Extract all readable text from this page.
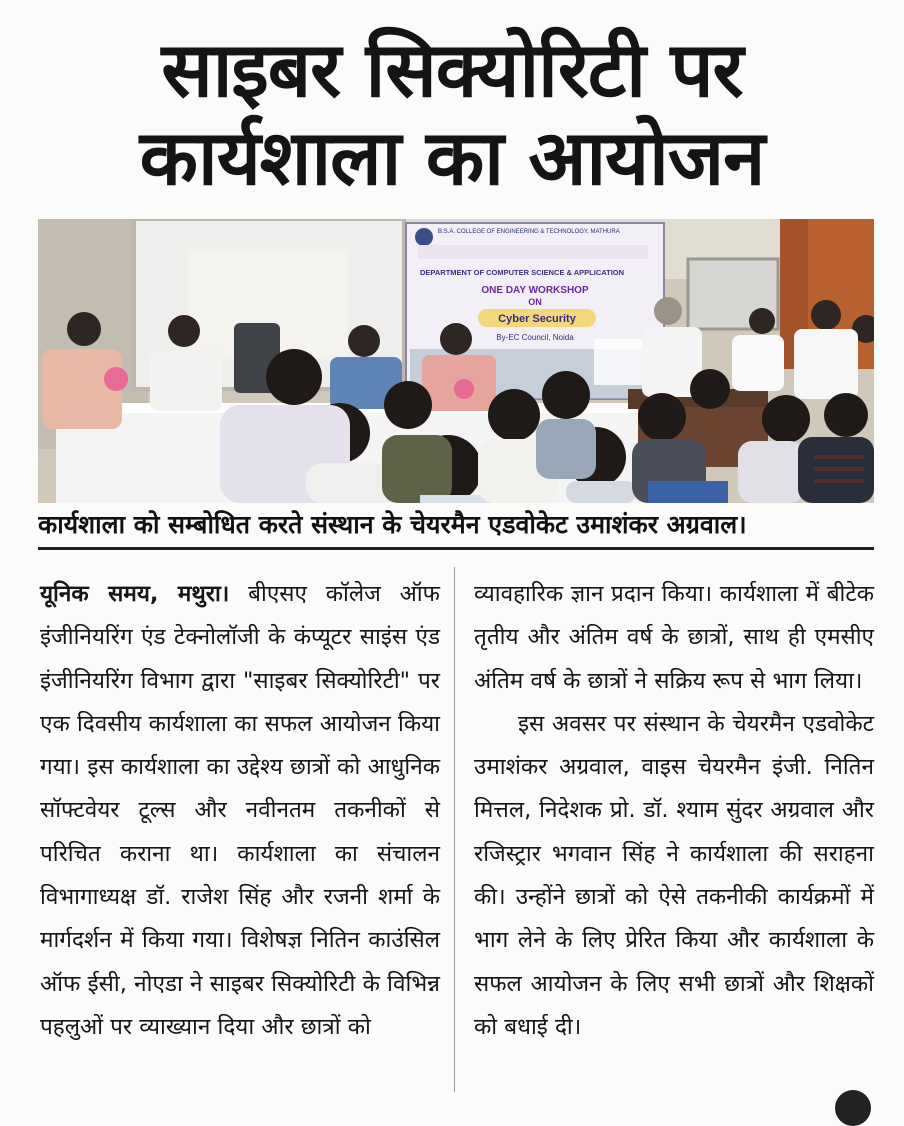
साइबर सिक्योरिटी पर
कार्यशाला का आयोजन
B.S.A. COLLEGE OF ENGINEERING & TECHNOLOGY, MATHURA
DEPARTMENT OF COMPUTER SCIENCE & APPLICATION
ONE DAY WORKSHOP
ON
Cyber Security
By-EC Council, Noida
कार्यशाला को सम्बोधित करते संस्थान के चेयरमैन एडवोकेट उमाशंकर अग्रवाल।

यूनिक समय, मथुरा। बीएसए कॉलेज ऑफ इंजीनियरिंग एंड टेक्नोलॉजी के कंप्यूटर साइंस एंड इंजीनियरिंग विभाग द्वारा "साइबर सिक्योरिटी" पर एक दिवसीय कार्यशाला का सफल आयोजन किया गया। इस कार्यशाला का उद्देश्य छात्रों को आधुनिक सॉफ्टवेयर टूल्स और नवीनतम तकनीकों से परिचित कराना था। कार्यशाला का संचालन विभागाध्यक्ष डॉ. राजेश सिंह और रजनी शर्मा के मार्गदर्शन में किया गया। विशेषज्ञ नितिन काउंसिल ऑफ ईसी, नोएडा ने साइबर सिक्योरिटी के विभिन्न पहलुओं पर व्याख्यान दिया और छात्रों को

व्यावहारिक ज्ञान प्रदान किया। कार्यशाला में बीटेक तृतीय और अंतिम वर्ष के छात्रों, साथ ही एमसीए अंतिम वर्ष के छात्रों ने सक्रिय रूप से भाग लिया।

इस अवसर पर संस्थान के चेयरमैन एडवोकेट उमाशंकर अग्रवाल, वाइस चेयरमैन इंजी. नितिन मित्तल, निदेशक प्रो. डॉ. श्याम सुंदर अग्रवाल और रजिस्ट्रार भगवान सिंह ने कार्यशाला की सराहना की। उन्होंने छात्रों को ऐसे तकनीकी कार्यक्रमों में भाग लेने के लिए प्रेरित किया और कार्यशाला के सफल आयोजन के लिए सभी छात्रों और शिक्षकों को बधाई दी।
